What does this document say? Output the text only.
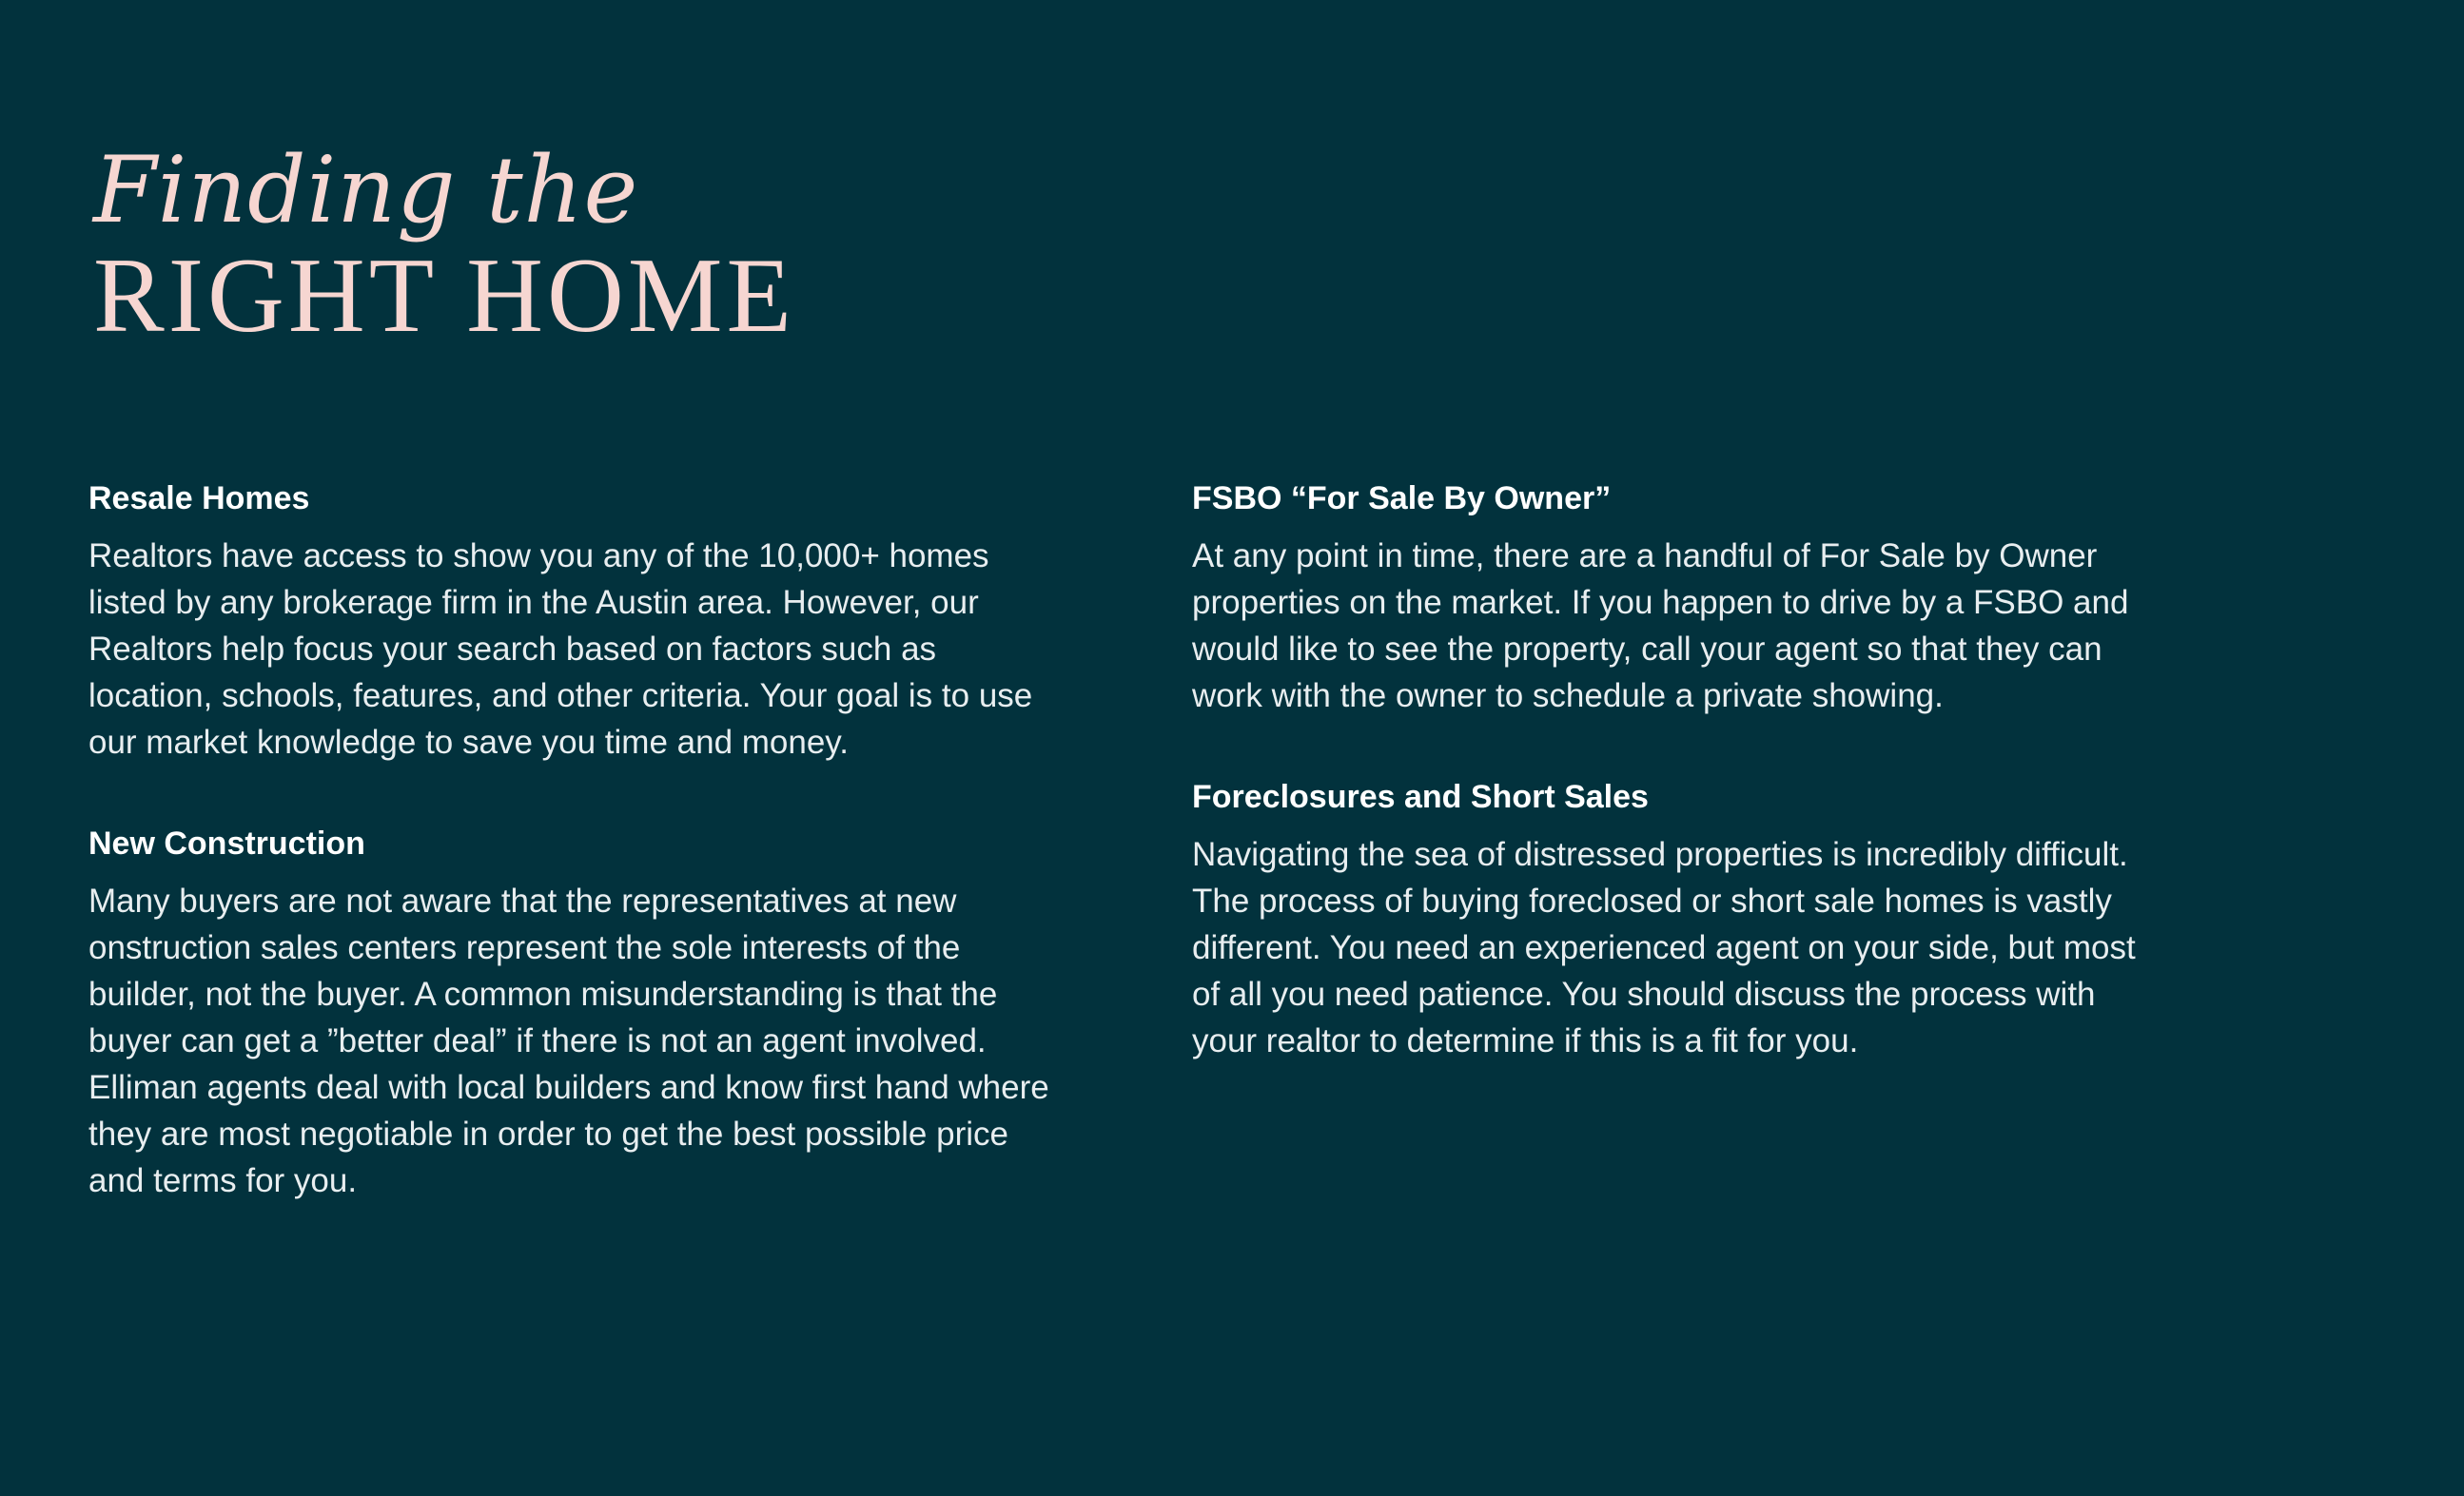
Finding the
RIGHT HOME
Resale Homes

Realtors have access to show you any of the 10,000+ homes listed by any brokerage firm in the Austin area. However, our Realtors help focus your search based on factors such as location, schools, features, and other criteria. Your goal is to use our market knowledge to save you time and money.

New Construction

Many buyers are not aware that the representatives at new onstruction sales centers represent the sole interests of the builder, not the buyer. A common misunderstanding is that the buyer can get a ”better deal” if there is not an agent involved. Elliman agents deal with local builders and know first hand where they are most negotiable in order to get the best possible price and terms for you.

FSBO “For Sale By Owner”

At any point in time, there are a handful of For Sale by Owner properties on the market. If you happen to drive by a FSBO and would like to see the property, call your agent so that they can work with the owner to schedule a private showing.

Foreclosures and Short Sales

Navigating the sea of distressed properties is incredibly difficult. The process of buying foreclosed or short sale homes is vastly different. You need an experienced agent on your side, but most of all you need patience. You should discuss the process with your realtor to determine if this is a fit for you.
